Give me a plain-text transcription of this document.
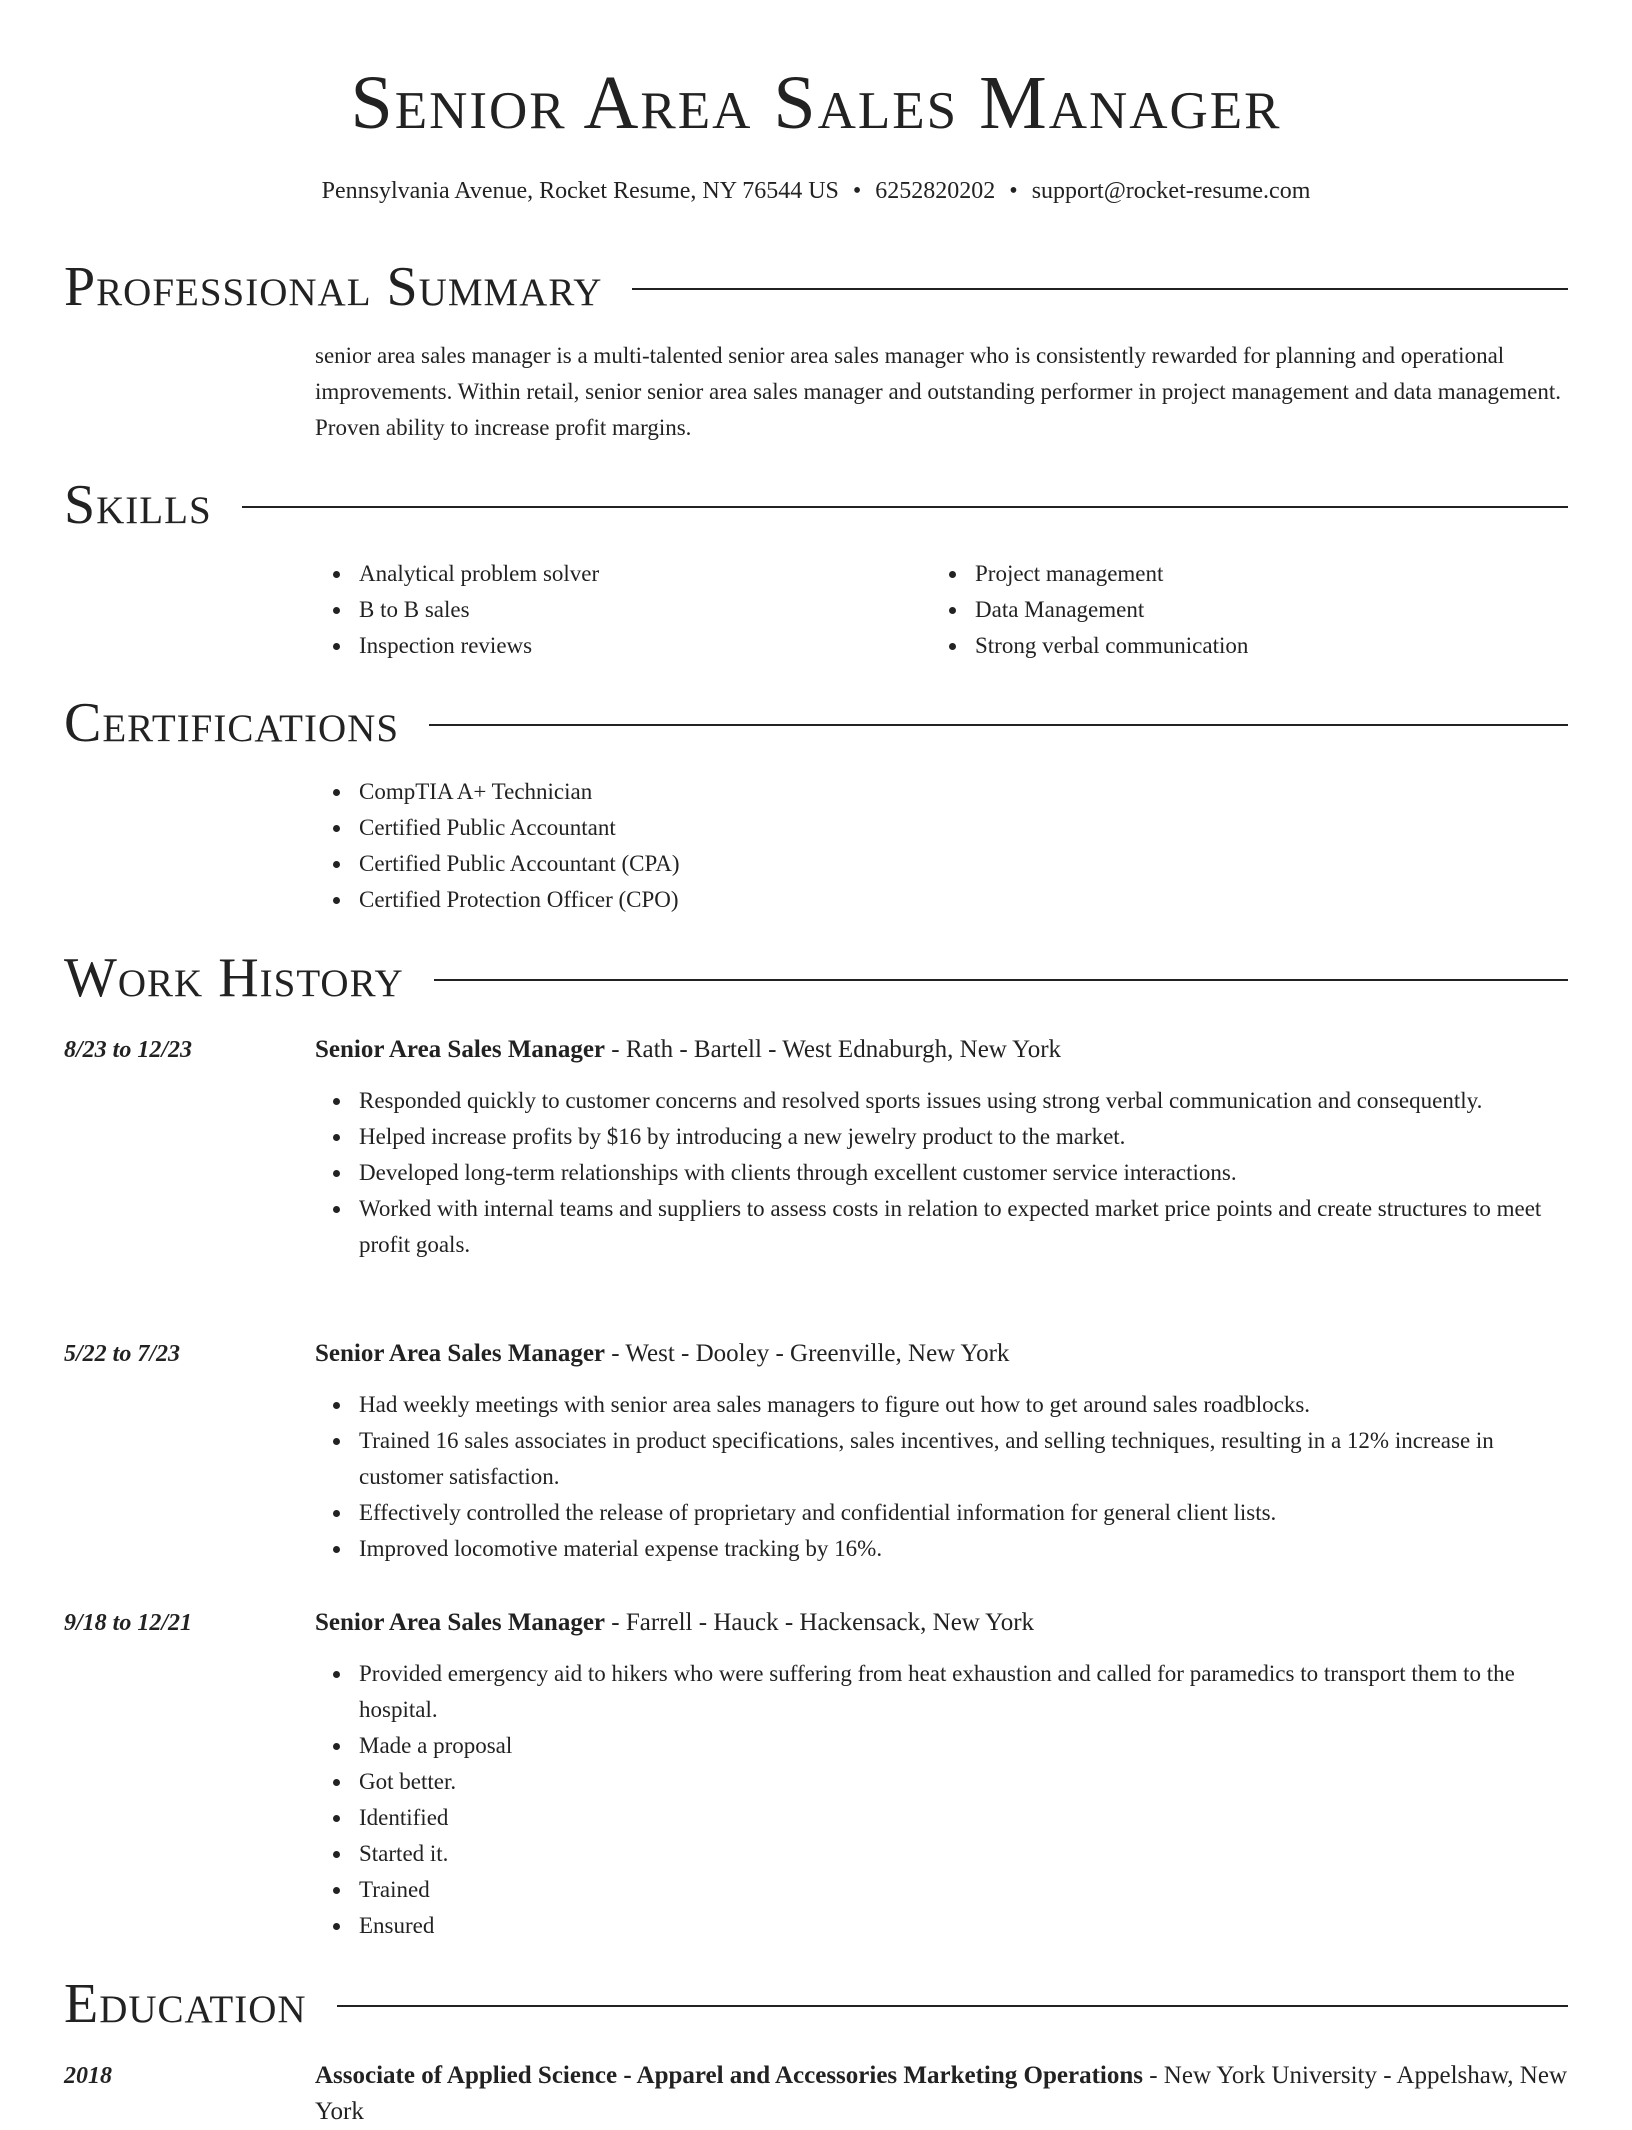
Senior Area Sales Manager
Pennsylvania Avenue, Rocket Resume, NY 76544 US • 6252820202 • support@rocket-resume.com
Professional Summary

senior area sales manager is a multi-talented senior area sales manager who is consistently rewarded for planning and operational improvements. Within retail, senior senior area sales manager and outstanding performer in project management and data management. Proven ability to increase profit margins.

Skills
Analytical problem solver
B to B sales
Inspection reviews
Project management
Data Management
Strong verbal communication
Certifications
CompTIA A+ Technician
Certified Public Accountant
Certified Public Accountant (CPA)
Certified Protection Officer (CPO)
Work History
8/23 to 12/23	Senior Area Sales Manager - Rath - Bartell - West Ednaburgh, New York
Responded quickly to customer concerns and resolved sports issues using strong verbal communication and consequently.
Helped increase profits by $16 by introducing a new jewelry product to the market.
Developed long-term relationships with clients through excellent customer service interactions.
Worked with internal teams and suppliers to assess costs in relation to expected market price points and create structures to meet profit goals.
5/22 to 7/23	Senior Area Sales Manager - West - Dooley - Greenville, New York
Had weekly meetings with senior area sales managers to figure out how to get around sales roadblocks.
Trained 16 sales associates in product specifications, sales incentives, and selling techniques, resulting in a 12% increase in customer satisfaction.
Effectively controlled the release of proprietary and confidential information for general client lists.
Improved locomotive material expense tracking by 16%.
9/18 to 12/21	Senior Area Sales Manager - Farrell - Hauck - Hackensack, New York
Provided emergency aid to hikers who were suffering from heat exhaustion and called for paramedics to transport them to the hospital.
Made a proposal
Got better.
Identified
Started it.
Trained
Ensured
Education
2018	Associate of Applied Science - Apparel and Accessories Marketing Operations - New York University - Appelshaw, New York
